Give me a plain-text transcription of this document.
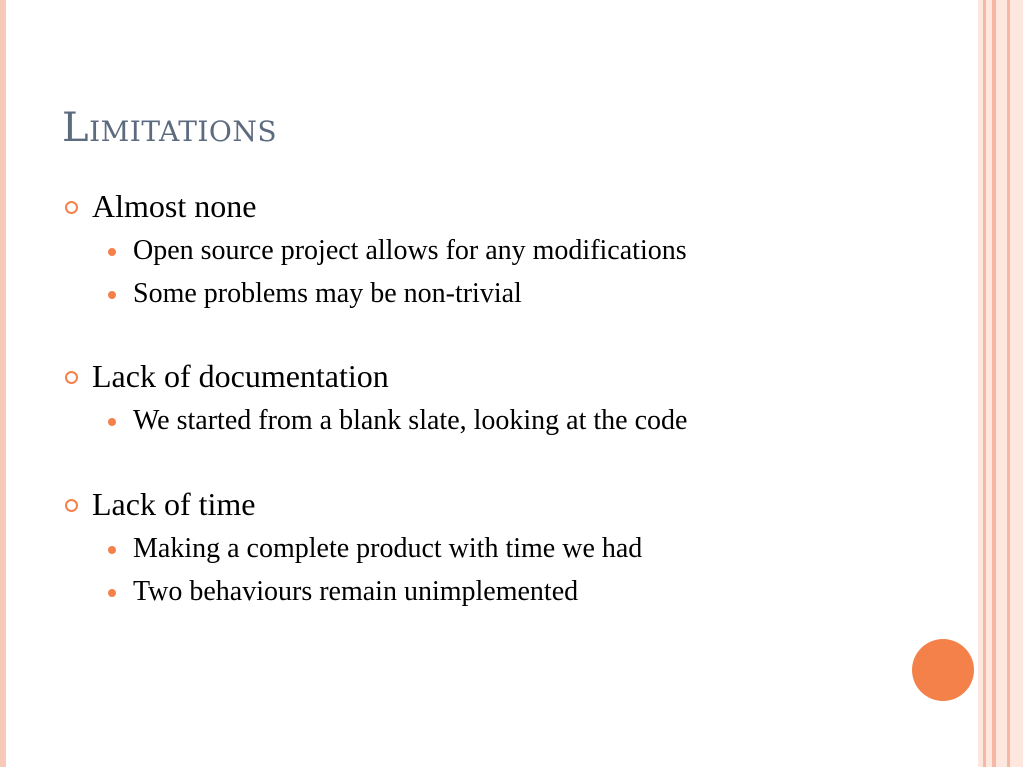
Limitations

Almost none

Open source project allows for any modifications

Some problems may be non-trivial

Lack of documentation

We started from a blank slate, looking at the code

Lack of time

Making a complete product with time we had

Two behaviours remain unimplemented
